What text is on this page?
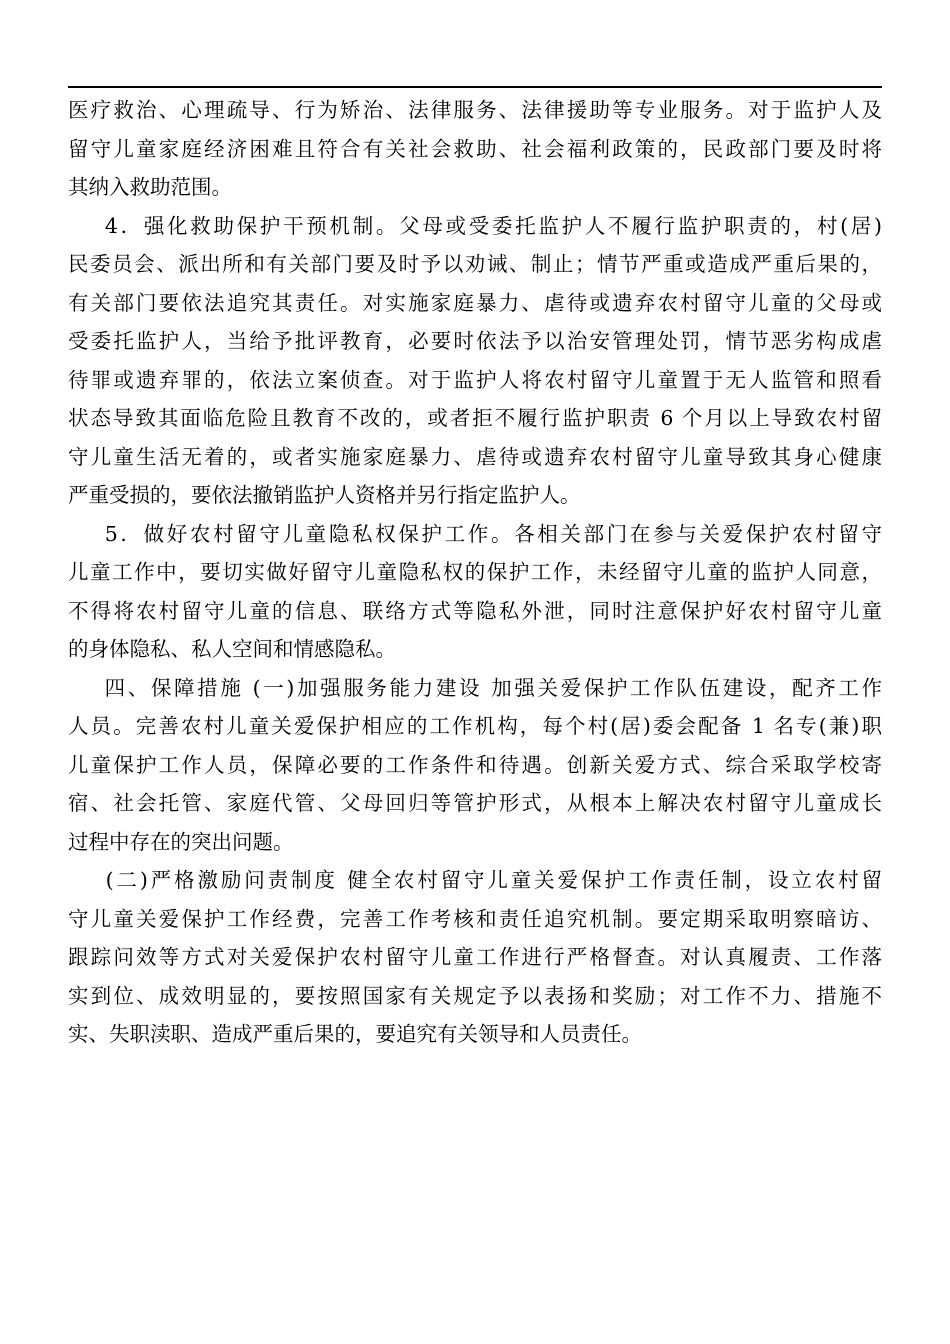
医疗救治、心理疏导、行为矫治、法律服务、法律援助等专业服务。对于监护人及
留守儿童家庭经济困难且符合有关社会救助、社会福利政策的，民政部门要及时将
其纳入救助范围。
4．强化救助保护干预机制。父母或受委托监护人不履行监护职责的，村(居)
民委员会、派出所和有关部门要及时予以劝诫、制止；情节严重或造成严重后果的，
有关部门要依法追究其责任。对实施家庭暴力、虐待或遗弃农村留守儿童的父母或
受委托监护人，当给予批评教育，必要时依法予以治安管理处罚，情节恶劣构成虐
待罪或遗弃罪的，依法立案侦查。对于监护人将农村留守儿童置于无人监管和照看
状态导致其面临危险且教育不改的，或者拒不履行监护职责 6 个月以上导致农村留
守儿童生活无着的，或者实施家庭暴力、虐待或遗弃农村留守儿童导致其身心健康
严重受损的，要依法撤销监护人资格并另行指定监护人。
5．做好农村留守儿童隐私权保护工作。各相关部门在参与关爱保护农村留守
儿童工作中，要切实做好留守儿童隐私权的保护工作，未经留守儿童的监护人同意，
不得将农村留守儿童的信息、联络方式等隐私外泄，同时注意保护好农村留守儿童
的身体隐私、私人空间和情感隐私。
四、保障措施 (一)加强服务能力建设 加强关爱保护工作队伍建设，配齐工作
人员。完善农村儿童关爱保护相应的工作机构，每个村(居)委会配备 1 名专(兼)职
儿童保护工作人员，保障必要的工作条件和待遇。创新关爱方式、综合采取学校寄
宿、社会托管、家庭代管、父母回归等管护形式，从根本上解决农村留守儿童成长
过程中存在的突出问题。
(二)严格激励问责制度 健全农村留守儿童关爱保护工作责任制，设立农村留
守儿童关爱保护工作经费，完善工作考核和责任追究机制。要定期采取明察暗访、
跟踪问效等方式对关爱保护农村留守儿童工作进行严格督查。对认真履责、工作落
实到位、成效明显的，要按照国家有关规定予以表扬和奖励；对工作不力、措施不
实、失职渎职、造成严重后果的，要追究有关领导和人员责任。
